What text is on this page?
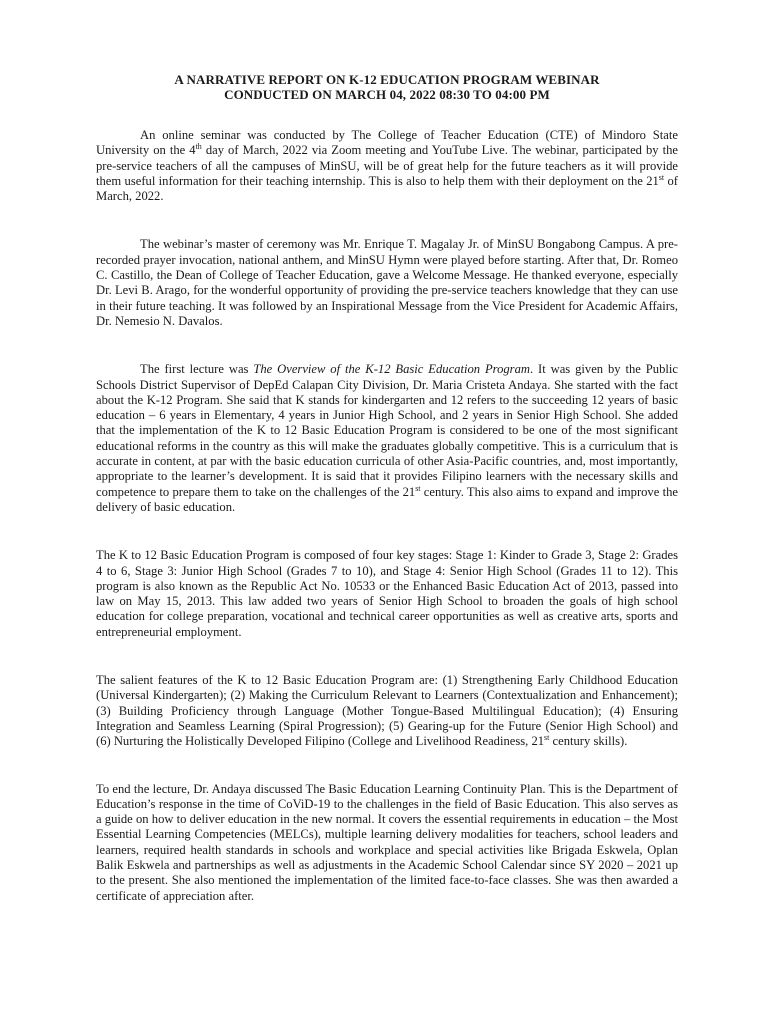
A NARRATIVE REPORT ON K-12 EDUCATION PROGRAM WEBINAR
CONDUCTED ON MARCH 04, 2022 08:30 TO 04:00 PM

An online seminar was conducted by The College of Teacher Education (CTE) of Mindoro State University on the 4th day of March, 2022 via Zoom meeting and YouTube Live. The webinar, participated by the pre-service teachers of all the campuses of MinSU, will be of great help for the future teachers as it will provide them useful information for their teaching internship. This is also to help them with their deployment on the 21st of March, 2022.

The webinar’s master of ceremony was Mr. Enrique T. Magalay Jr. of MinSU Bongabong Campus. A pre-recorded prayer invocation, national anthem, and MinSU Hymn were played before starting. After that, Dr. Romeo C. Castillo, the Dean of College of Teacher Education, gave a Welcome Message. He thanked everyone, especially Dr. Levi B. Arago, for the wonderful opportunity of providing the pre-service teachers knowledge that they can use in their future teaching. It was followed by an Inspirational Message from the Vice President for Academic Affairs, Dr. Nemesio N. Davalos.

The first lecture was The Overview of the K-12 Basic Education Program. It was given by the Public Schools District Supervisor of DepEd Calapan City Division, Dr. Maria Cristeta Andaya. She started with the fact about the K-12 Program. She said that K stands for kindergarten and 12 refers to the succeeding 12 years of basic education – 6 years in Elementary, 4 years in Junior High School, and 2 years in Senior High School. She added that the implementation of the K to 12 Basic Education Program is considered to be one of the most significant educational reforms in the country as this will make the graduates globally competitive. This is a curriculum that is accurate in content, at par with the basic education curricula of other Asia-Pacific countries, and, most importantly, appropriate to the learner’s development. It is said that it provides Filipino learners with the necessary skills and competence to prepare them to take on the challenges of the 21st century. This also aims to expand and improve the delivery of basic education.

The K to 12 Basic Education Program is composed of four key stages: Stage 1: Kinder to Grade 3, Stage 2: Grades 4 to 6, Stage 3: Junior High School (Grades 7 to 10), and Stage 4: Senior High School (Grades 11 to 12). This program is also known as the Republic Act No. 10533 or the Enhanced Basic Education Act of 2013, passed into law on May 15, 2013. This law added two years of Senior High School to broaden the goals of high school education for college preparation, vocational and technical career opportunities as well as creative arts, sports and entrepreneurial employment.

The salient features of the K to 12 Basic Education Program are: (1) Strengthening Early Childhood Education (Universal Kindergarten); (2) Making the Curriculum Relevant to Learners (Contextualization and Enhancement); (3) Building Proficiency through Language (Mother Tongue-Based Multilingual Education); (4) Ensuring Integration and Seamless Learning (Spiral Progression); (5) Gearing-up for the Future (Senior High School) and (6) Nurturing the Holistically Developed Filipino (College and Livelihood Readiness, 21st century skills).

To end the lecture, Dr. Andaya discussed The Basic Education Learning Continuity Plan. This is the Department of Education’s response in the time of CoViD-19 to the challenges in the field of Basic Education. This also serves as a guide on how to deliver education in the new normal. It covers the essential requirements in education – the Most Essential Learning Competencies (MELCs), multiple learning delivery modalities for teachers, school leaders and learners, required health standards in schools and workplace and special activities like Brigada Eskwela, Oplan Balik Eskwela and partnerships as well as adjustments in the Academic School Calendar since SY 2020 – 2021 up to the present. She also mentioned the implementation of the limited face-to-face classes. She was then awarded a certificate of appreciation after.
